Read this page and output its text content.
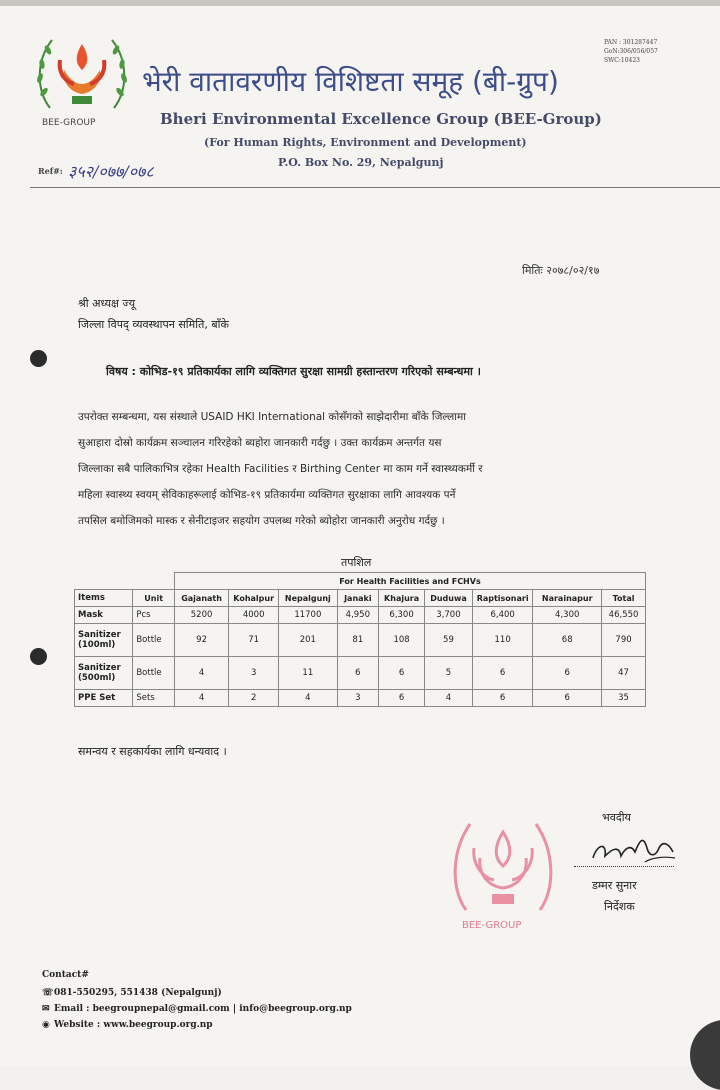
PAN : 301287447
GoN:306/056/057
SWC:10423
BEE-GROUP
भेरी वातावरणीय विशिष्टता समूह (बी-ग्रुप)
Bheri Environmental Excellence Group (BEE-Group)
(For Human Rights, Environment and Development)
P.O. Box No. 29, Nepalgunj
Ref#: ३५२/०७७/०७८
मितिः २०७८/०२/१७
श्री अध्यक्ष ज्यू
जिल्ला विपद् व्यवस्थापन समिति, बाँके
विषय : कोभिड-१९ प्रतिकार्यका लागि व्यक्तिगत सुरक्षा सामग्री हस्तान्तरण गरिएको सम्बन्धमा ।
उपरोक्त सम्बन्धमा, यस संस्थाले USAID HKI International कोसँगको साझेदारीमा बाँके जिल्लामा
सुआहारा दोस्रो कार्यक्रम सञ्चालन गरिरहेको ब्यहोरा जानकारी गर्दछु । उक्त कार्यक्रम अन्तर्गत यस
जिल्लाका सबै पालिकाभित्र रहेका Health Facilities र Birthing Center मा काम गर्ने स्वास्थ्यकर्मी र
महिला स्वास्थ्य स्वयम् सेविकाहरूलाई कोभिड-१९ प्रतिकार्यमा व्यक्तिगत सुरक्षाका लागि आवश्यक पर्ने
तपसिल बमोजिमको मास्क र सेनीटाइजर सहयोग उपलब्ध गरेको ब्योहोरा जानकारी अनुरोध गर्दछु ।
तपशिल
		For Health Facilities and FCHVs								
Items	Unit	Gajanath	Kohalpur	Nepalgunj	Janaki	Khajura	Duduwa	Raptisonari	Narainapur	Total
Mask	Pcs	5200	4000	11700	4,950	6,300	3,700	6,400	4,300	46,550
Sanitizer (100ml)	Bottle	92	71	201	81	108	59	110	68	790
Sanitizer (500ml)	Bottle	4	3	11	6	6	5	6	6	47
PPE Set	Sets	4	2	4	3	6	4	6	6	35
समन्वय र सहकार्यका लागि धन्यवाद ।
BEE-GROUP
भवदीय
डम्मर सुनार
निर्देशक
Contact#
☏081-550295, 551438 (Nepalgunj)
✉ Email : beegroupnepal@gmail.com | info@beegroup.org.np
◉ Website : www.beegroup.org.np
